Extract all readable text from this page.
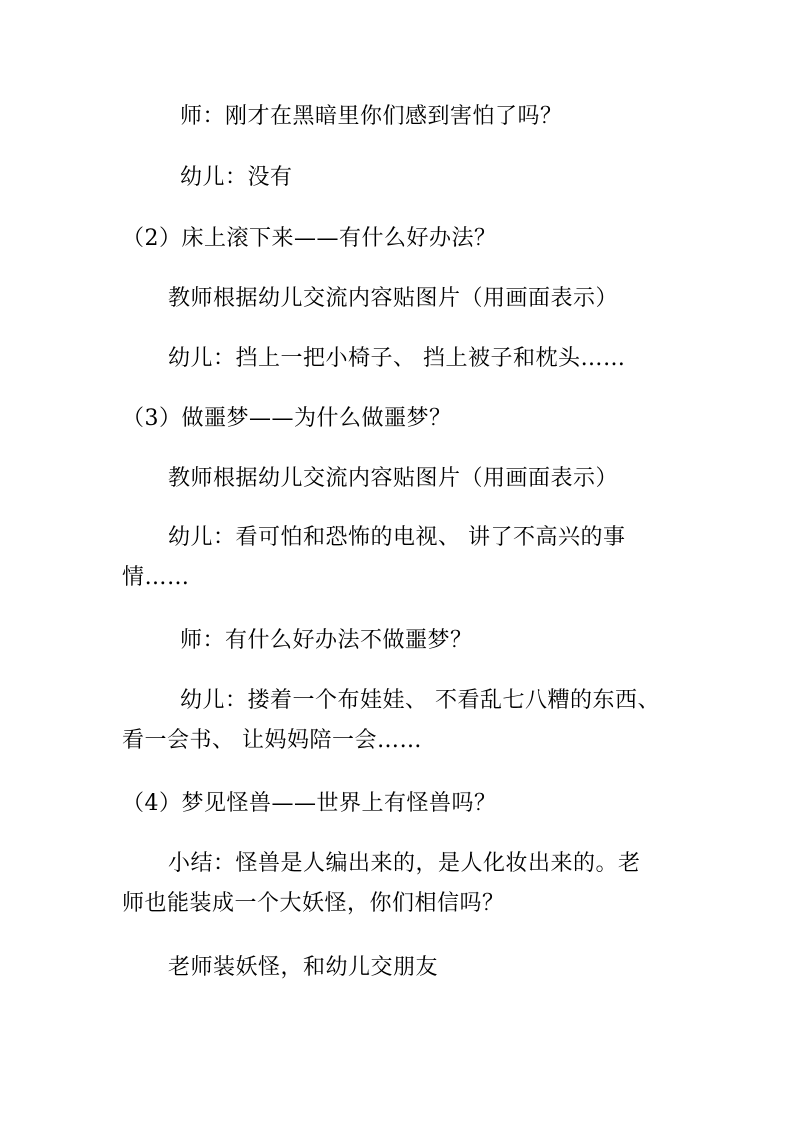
师：刚才在黑暗里你们感到害怕了吗？
幼儿：没有
（2）床上滚下来——有什么好办法？
教师根据幼儿交流内容贴图片（用画面表示）
幼儿：挡上一把小椅子、 挡上被子和枕头……
（3）做噩梦——为什么做噩梦？
教师根据幼儿交流内容贴图片（用画面表示）
幼儿：看可怕和恐怖的电视、 讲了不高兴的事
情……
师：有什么好办法不做噩梦？
幼儿：搂着一个布娃娃、 不看乱七八糟的东西、
看一会书、 让妈妈陪一会……
（4）梦见怪兽——世界上有怪兽吗？
小结：怪兽是人编出来的，是人化妆出来的。老
师也能装成一个大妖怪，你们相信吗？
老师装妖怪，和幼儿交朋友
